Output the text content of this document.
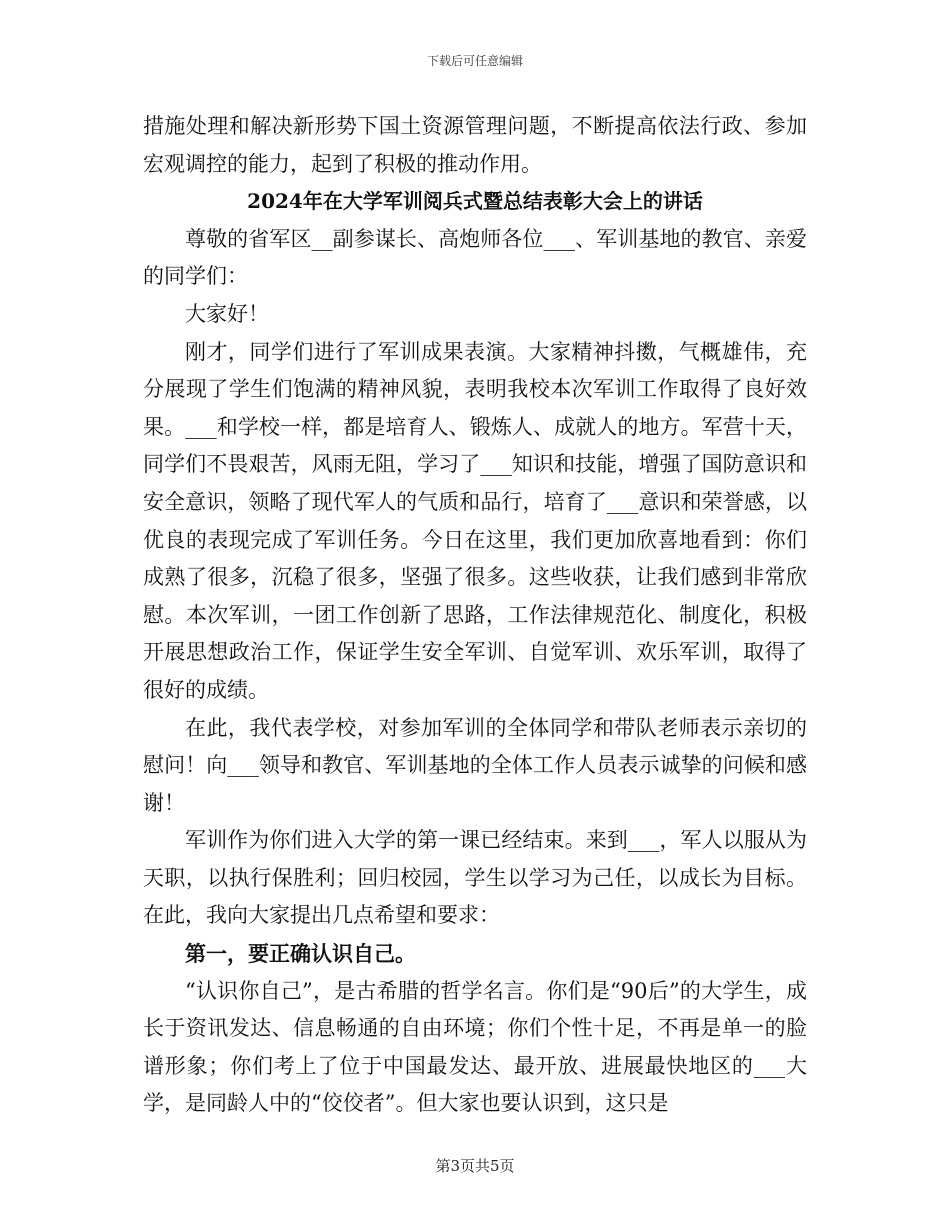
下载后可任意编辑

措施处理和解决新形势下国土资源管理问题，不断提高依法行政、参加宏观调控的能力，起到了积极的推动作用。

2024年在大学军训阅兵式暨总结表彰大会上的讲话

尊敬的省军区__副参谋长、高炮师各位___、军训基地的教官、亲爱的同学们：

大家好！

刚才，同学们进行了军训成果表演。大家精神抖擞，气概雄伟，充分展现了学生们饱满的精神风貌，表明我校本次军训工作取得了良好效果。___和学校一样，都是培育人、锻炼人、成就人的地方。军营十天，同学们不畏艰苦，风雨无阻，学习了___知识和技能，增强了国防意识和安全意识，领略了现代军人的气质和品行，培育了___意识和荣誉感，以优良的表现完成了军训任务。今日在这里，我们更加欣喜地看到：你们成熟了很多，沉稳了很多，坚强了很多。这些收获，让我们感到非常欣慰。本次军训，一团工作创新了思路，工作法律规范化、制度化，积极开展思想政治工作，保证学生安全军训、自觉军训、欢乐军训，取得了很好的成绩。

在此，我代表学校，对参加军训的全体同学和带队老师表示亲切的慰问！向___领导和教官、军训基地的全体工作人员表示诚挚的问候和感谢！

军训作为你们进入大学的第一课已经结束。来到___，军人以服从为天职，以执行保胜利；回归校园，学生以学习为己任，以成长为目标。在此，我向大家提出几点希望和要求：

第一，要正确认识自己。

“认识你自己”，是古希腊的哲学名言。你们是“90后”的大学生，成长于资讯发达、信息畅通的自由环境；你们个性十足，不再是单一的脸谱形象；你们考上了位于中国最发达、最开放、进展最快地区的___大学，是同龄人中的“佼佼者”。但大家也要认识到，这只是

第3页共5页
